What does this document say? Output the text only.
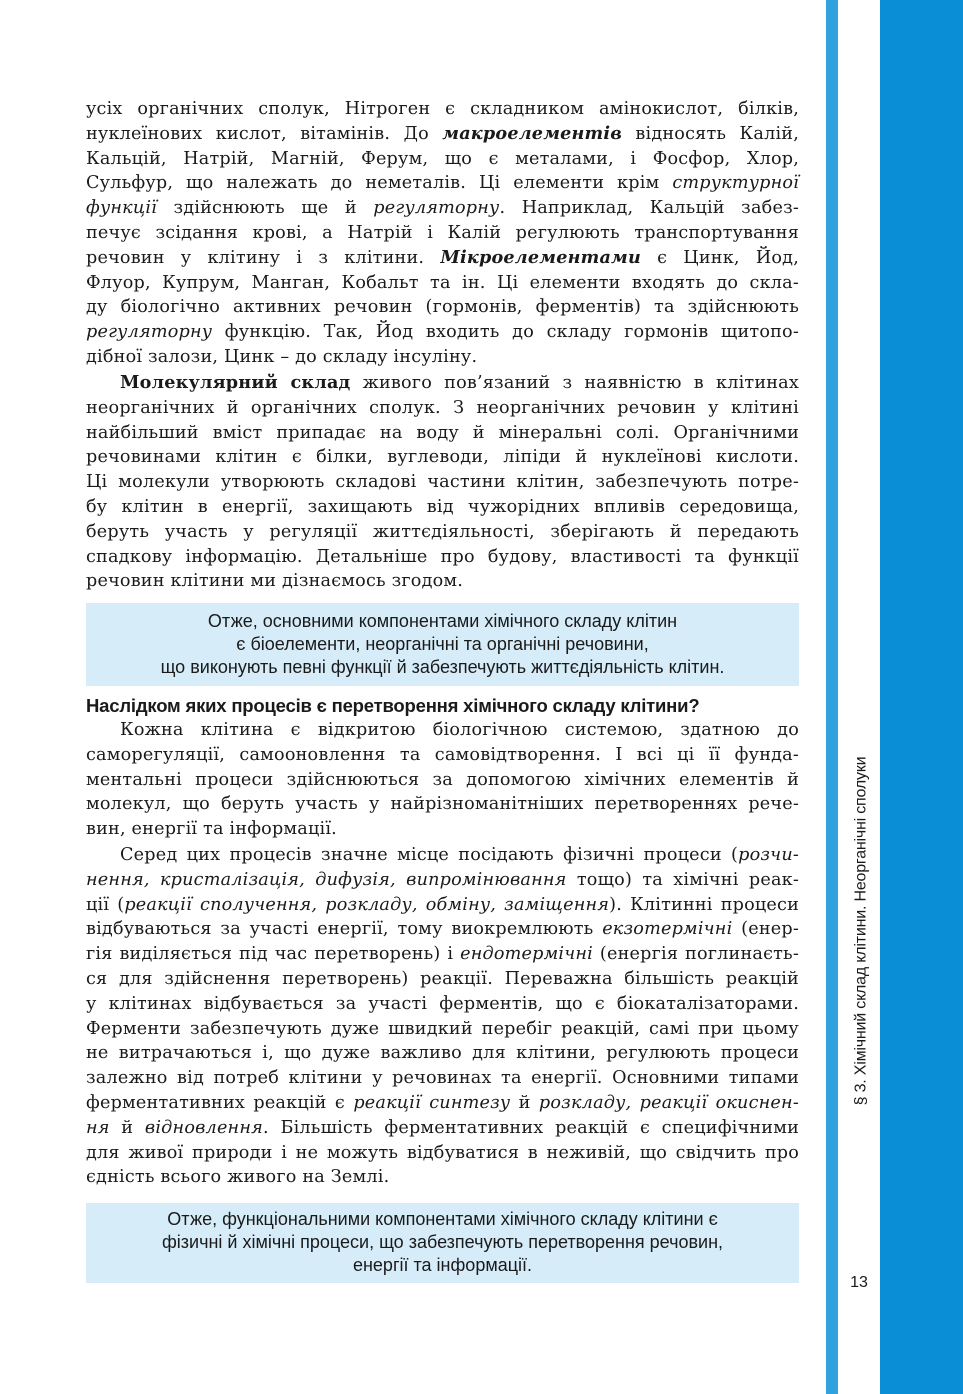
§ 3. Хімічний склад клітини. Неорганічні сполуки
13
усіх органічних сполук, Нітроген є складником амінокислот, білків,
нуклеїнових кислот, вітамінів. До макроелементів відносять Калій,
Кальцій, Натрій, Магній, Ферум, що є металами, і Фосфор, Хлор,
Сульфур, що належать до неметалів. Ці елементи крім структурної
функції здійснюють ще й регуляторну. Наприклад, Кальцій забез-
печує зсідання крові, а Натрій і Калій регулюють транспортування
речовин у клітину і з клітини. Мікроелементами є Цинк, Йод,
Флуор, Купрум, Манган, Кобальт та ін. Ці елементи входять до скла-
ду біологічно активних речовин (гормонів, ферментів) та здійснюють
регуляторну функцію. Так, Йод входить до складу гормонів щитопо-
дібної залози, Цинк – до складу інсуліну.
Молекулярний склад живого пов’язаний з наявністю в клітинах
неорганічних й органічних сполук. З неорганічних речовин у клітині
найбільший вміст припадає на воду й мінеральні солі. Органічними
речовинами клітин є білки, вуглеводи, ліпіди й нуклеїнові кислоти.
Ці молекули утворюють складові частини клітин, забезпечують потре-
бу клітин в енергії, захищають від чужорідних впливів середовища,
беруть участь у регуляції життєдіяльності, зберігають й передають
спадкову інформацію. Детальніше про будову, властивості та функції
речовин клітини ми дізнаємось згодом.
Отже, основними компонентами хімічного складу клітин
є біоелементи, неорганічні та органічні речовини,
що виконують певні функції й забезпечують життєдіяльність клітин.
Наслідком яких процесів є перетворення хімічного складу клітини?
Кожна клітина є відкритою біологічною системою, здатною до
саморегуляції, самооновлення та самовідтворення. І всі ці її фунда-
ментальні процеси здійснюються за допомогою хімічних елементів й
молекул, що беруть участь у найрізноманітніших перетвореннях рече-
вин, енергії та інформації.
Серед цих процесів значне місце посідають фізичні процеси (розчи-
нення, кристалізація, дифузія, випромінювання тощо) та хімічні реак-
ції (реакції сполучення, розкладу, обміну, заміщення). Клітинні процеси
відбуваються за участі енергії, тому виокремлюють екзотермічні (енер-
гія виділяється під час перетворень) і ендотермічні (енергія поглинаєть-
ся для здійснення перетворень) реакції. Переважна більшість реакцій
у клітинах відбувається за участі ферментів, що є біокаталізаторами.
Ферменти забезпечують дуже швидкий перебіг реакцій, самі при цьому
не витрачаються і, що дуже важливо для клітини, регулюють процеси
залежно від потреб клітини у речовинах та енергії. Основними типами
ферментативних реакцій є реакції синтезу й розкладу, реакції окиснен-
ня й відновлення. Більшість ферментативних реакцій є специфічними
для живої природи і не можуть відбуватися в неживій, що свідчить про
єдність всього живого на Землі.
Отже, функціональними компонентами хімічного складу клітини є
фізичні й хімічні процеси, що забезпечують перетворення речовин,
енергії та інформації.
